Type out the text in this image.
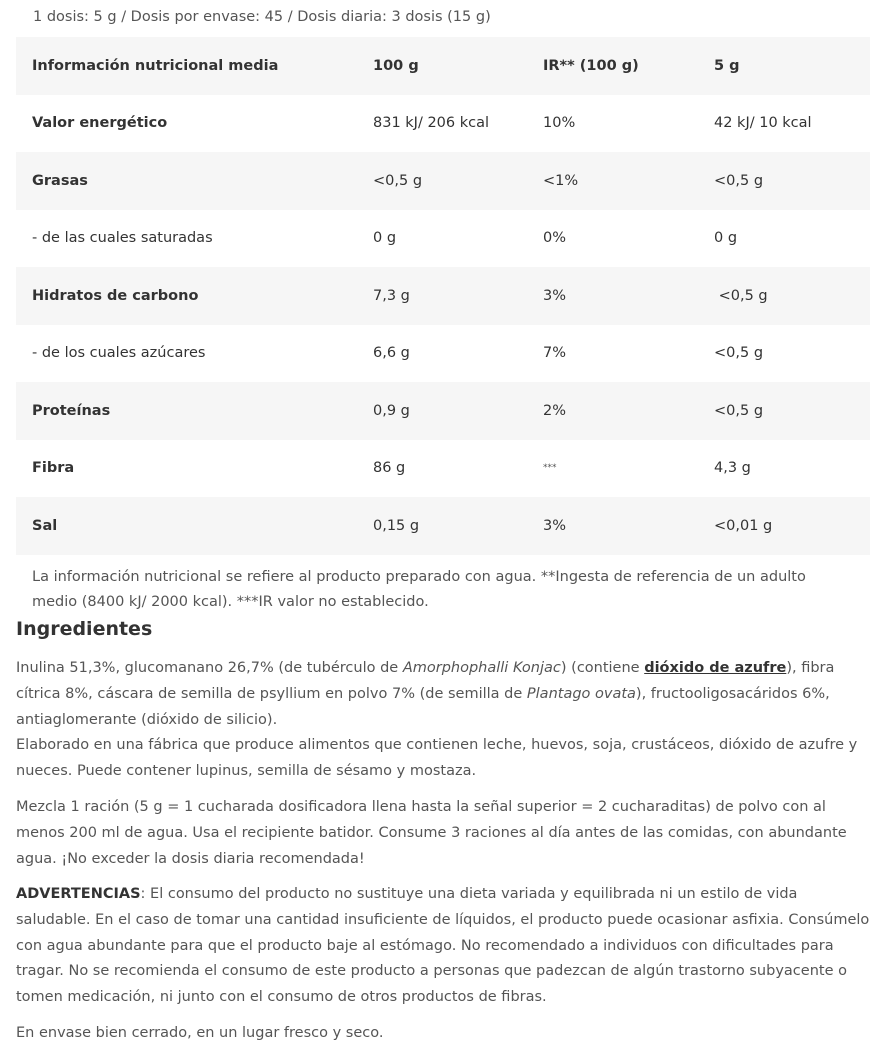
1 dosis: 5 g / Dosis por envase: 45 / Dosis diaria: 3 dosis (15 g)
Información nutricional media	100 g	IR** (100 g)	5 g
Valor energético	831 kJ/ 206 kcal	10%	42 kJ/ 10 kcal
Grasas	<0,5 g	<1%	<0,5 g
- de las cuales saturadas	0 g	0%	0 g
Hidratos de carbono	7,3 g	3%	<0,5 g
- de los cuales azúcares	6,6 g	7%	<0,5 g
Proteínas	0,9 g	2%	<0,5 g
Fibra	86 g	***	4,3 g
Sal	0,15 g	3%	<0,01 g
La información nutricional se refiere al producto preparado con agua. **Ingesta de referencia de un adulto medio (8400 kJ/ 2000 kcal). ***IR valor no establecido.
Ingredientes
Inulina 51,3%, glucomanano 26,7% (de tubérculo de Amorphophalli Konjac) (contiene dióxido de azufre), fibra cítrica 8%, cáscara de semilla de psyllium en polvo 7% (de semilla de Plantago ovata), fructooligosacáridos 6%, antiaglomerante (dióxido de silicio).
Elaborado en una fábrica que produce alimentos que contienen leche, huevos, soja, crustáceos, dióxido de azufre y nueces. Puede contener lupinus, semilla de sésamo y mostaza.

Mezcla 1 ración (5 g = 1 cucharada dosificadora llena hasta la señal superior = 2 cucharaditas) de polvo con al menos 200 ml de agua. Usa el recipiente batidor. Consume 3 raciones al día antes de las comidas, con abundante agua. ¡No exceder la dosis diaria recomendada!

ADVERTENCIAS: El consumo del producto no sustituye una dieta variada y equilibrada ni un estilo de vida saludable. En el caso de tomar una cantidad insuficiente de líquidos, el producto puede ocasionar asfixia. Consúmelo con agua abundante para que el producto baje al estómago. No recomendado a individuos con dificultades para tragar. No se recomienda el consumo de este producto a personas que padezcan de algún trastorno subyacente o tomen medicación, ni junto con el consumo de otros productos de fibras.

En envase bien cerrado, en un lugar fresco y seco.
